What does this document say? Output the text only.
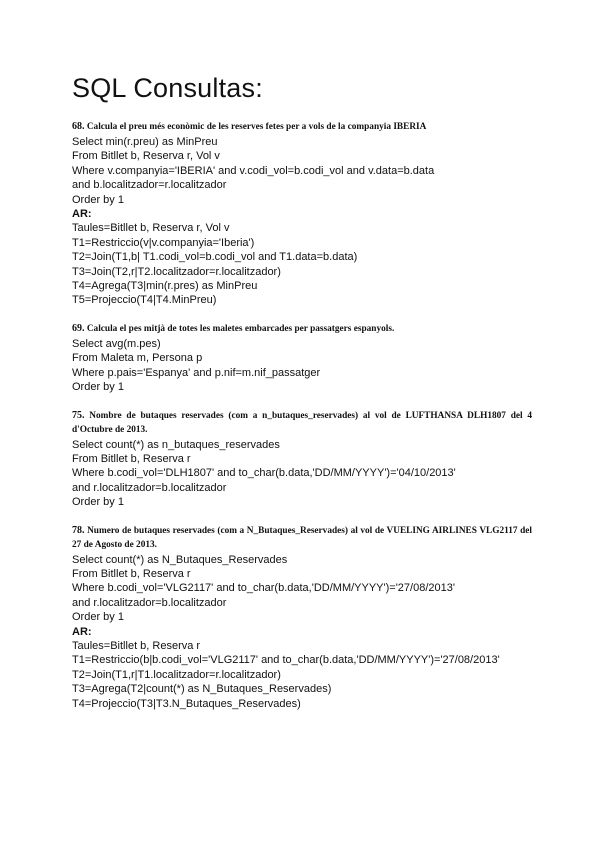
SQL Consultas:
68. Calcula el preu més econòmic de les reserves fetes per a vols de la companyia IBERIA
Select min(r.preu) as MinPreu
From Bitllet b, Reserva r, Vol v
Where v.companyia='IBERIA' and v.codi_vol=b.codi_vol and v.data=b.data
and b.localitzador=r.localitzador
Order by 1
AR:
Taules=Bitllet b, Reserva r, Vol v
T1=Restriccio(v|v.companyia='Iberia')
T2=Join(T1,b| T1.codi_vol=b.codi_vol and T1.data=b.data)
T3=Join(T2,r|T2.localitzador=r.localitzador)
T4=Agrega(T3|min(r.pres) as MinPreu
T5=Projeccio(T4|T4.MinPreu)
69. Calcula el pes mitjà de totes les maletes embarcades per passatgers espanyols.
Select avg(m.pes)
From Maleta m, Persona p
Where p.pais='Espanya' and p.nif=m.nif_passatger
Order by 1
75. Nombre de butaques reservades (com a n_butaques_reservades) al vol de LUFTHANSA DLH1807 del 4 d'Octubre de 2013.
Select count(*) as n_butaques_reservades
From Bitllet b, Reserva r
Where b.codi_vol='DLH1807' and to_char(b.data,'DD/MM/YYYY')='04/10/2013'
and r.localitzador=b.localitzador
Order by 1
78. Numero de butaques reservades (com a N_Butaques_Reservades) al vol de VUELING AIRLINES VLG2117 del 27 de Agosto de 2013.
Select count(*) as N_Butaques_Reservades
From Bitllet b, Reserva r
Where b.codi_vol='VLG2117' and to_char(b.data,'DD/MM/YYYY')='27/08/2013'
and r.localitzador=b.localitzador
Order by 1
AR:
Taules=Bitllet b, Reserva r
T1=Restriccio(b|b.codi_vol='VLG2117' and to_char(b.data,'DD/MM/YYYY')='27/08/2013'
T2=Join(T1,r|T1.localitzador=r.localitzador)
T3=Agrega(T2|count(*) as N_Butaques_Reservades)
T4=Projeccio(T3|T3.N_Butaques_Reservades)
